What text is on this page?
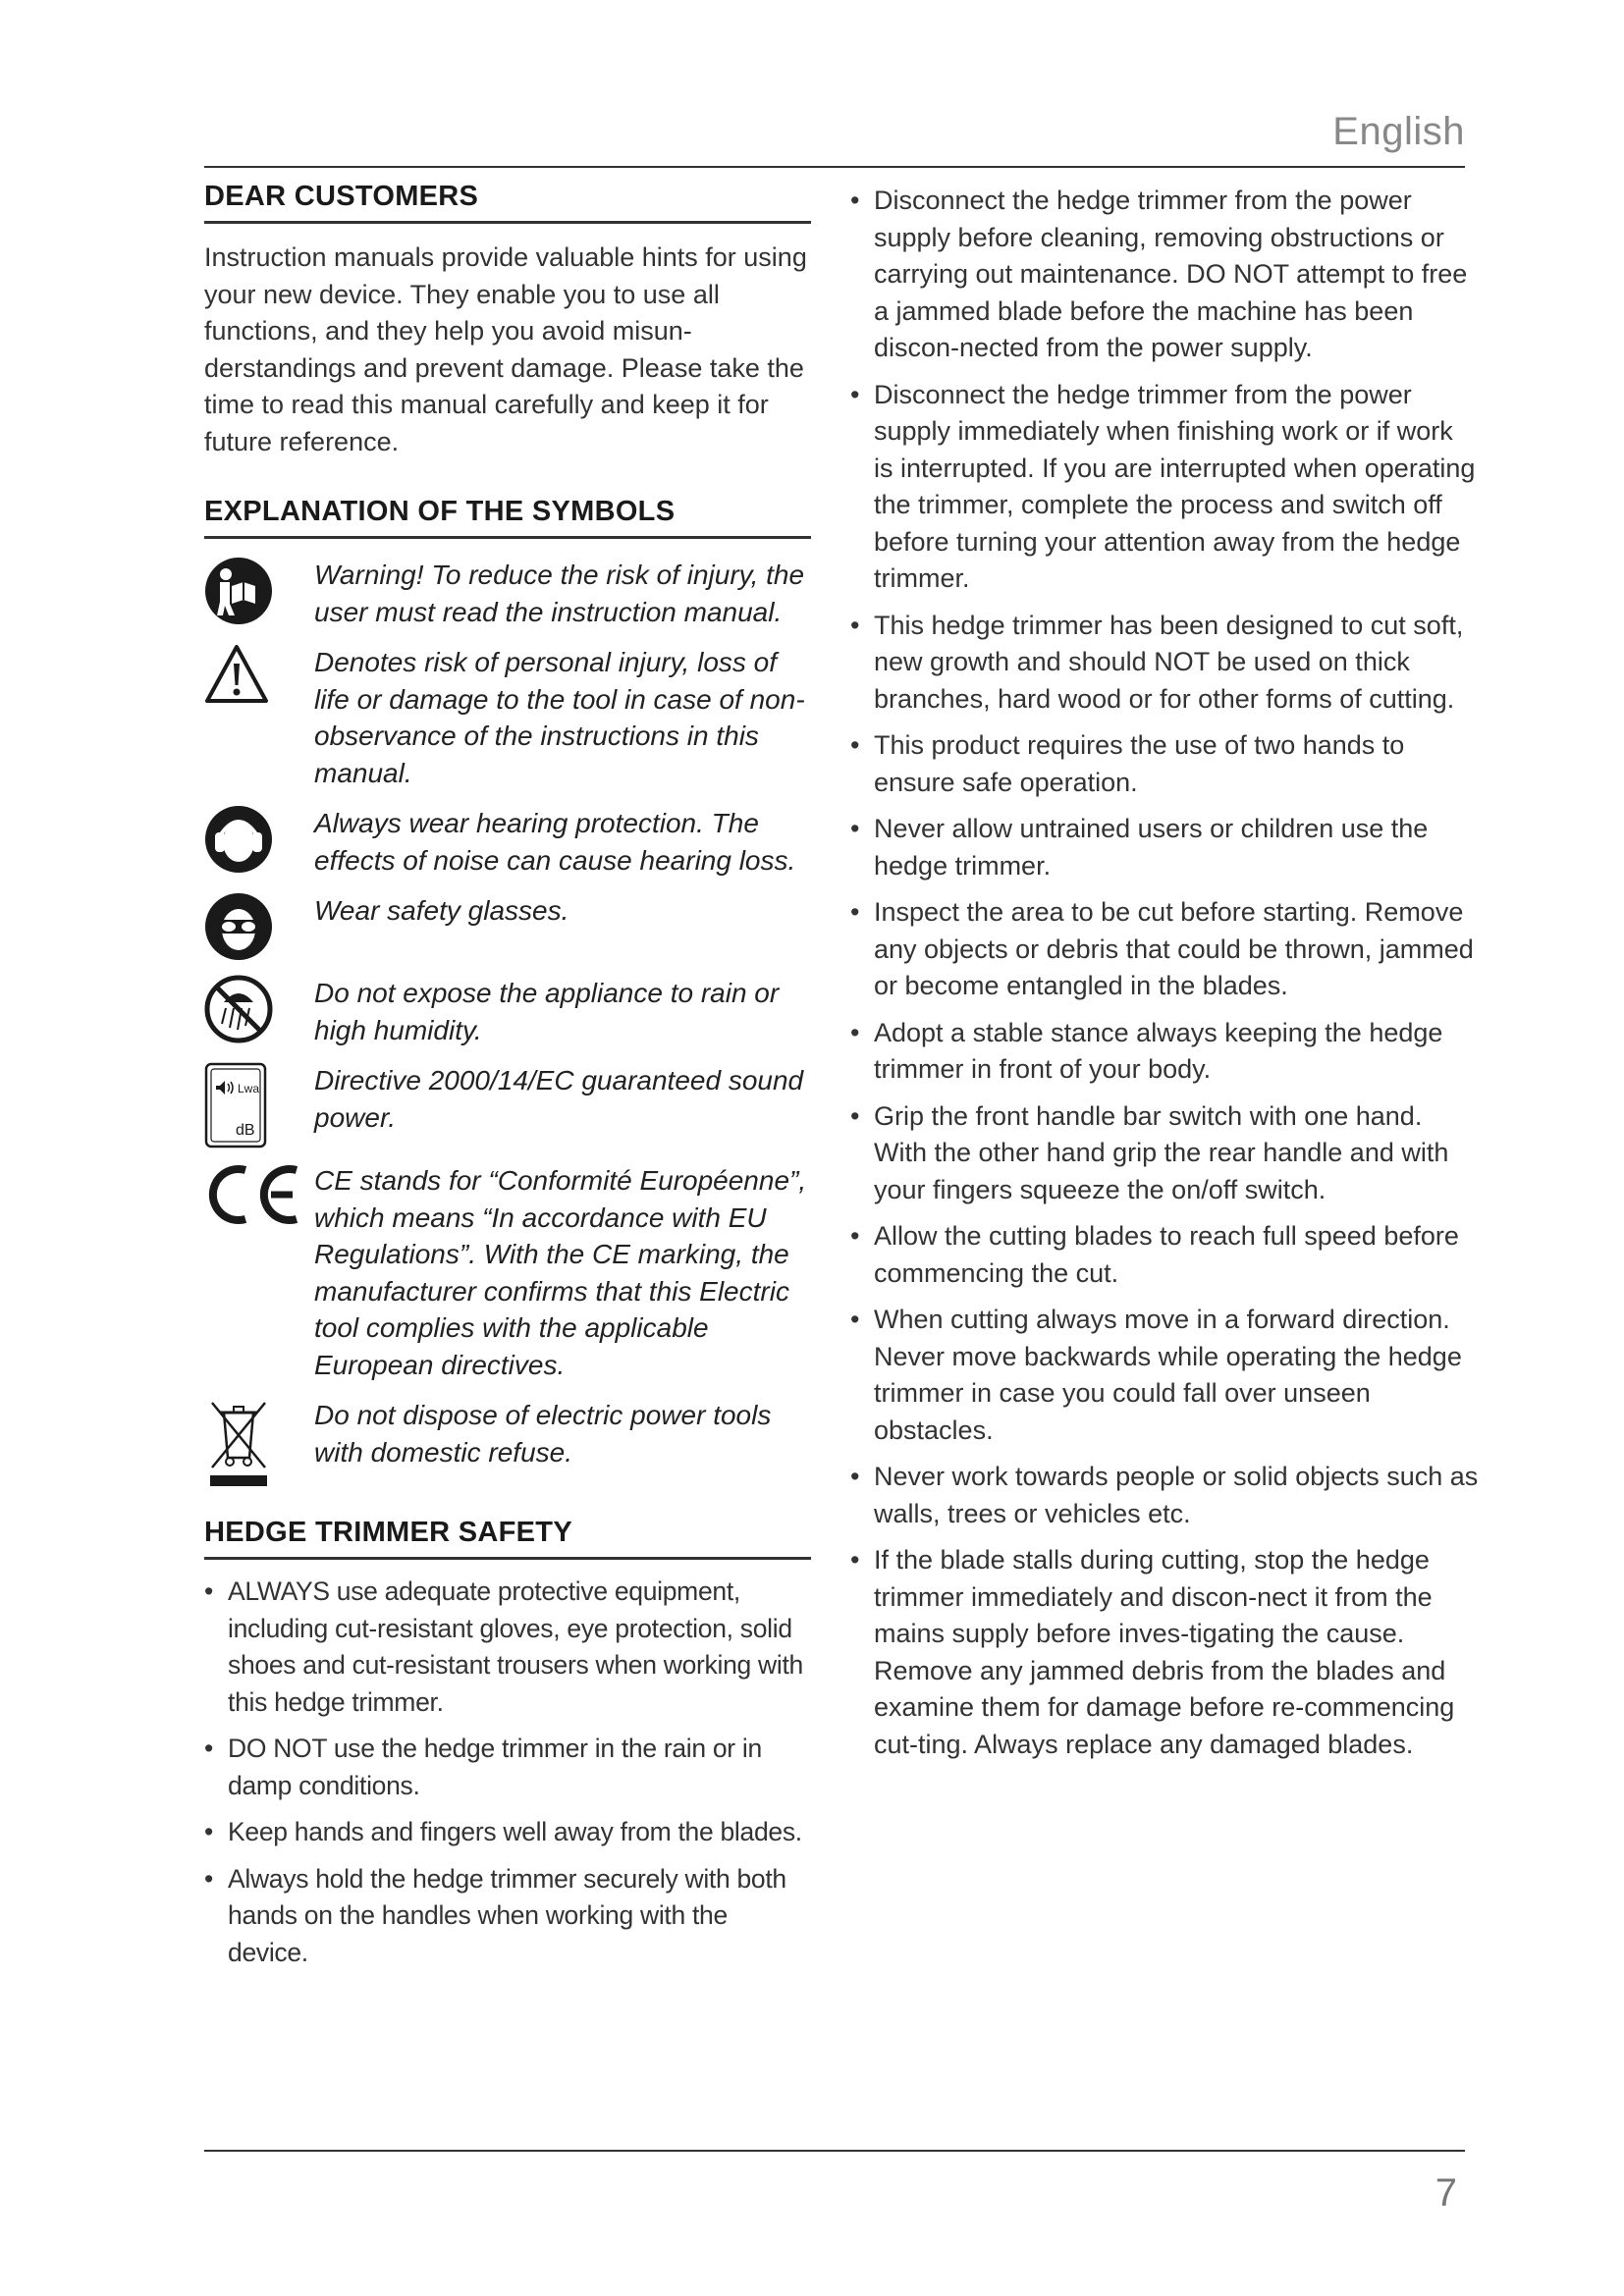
English
DEAR CUSTOMERS

Instruction manuals provide valuable hints for using your new device. They enable you to use all functions, and they help you avoid misun-derstandings and prevent damage. Please take the time to read this manual carefully and keep it for future reference.

EXPLANATION OF THE SYMBOLS
Warning! To reduce the risk of injury, the user must read the instruction manual.
Denotes risk of personal injury, loss of life or damage to the tool in case of non-observance of the instructions in this manual.
Always wear hearing protection. The effects of noise can cause hearing loss.
Wear safety glasses.
Do not expose the appliance to rain or high humidity.
Lwa
dB
Directive 2000/14/EC guaranteed sound power.
CE stands for “Conformité Européenne”, which means “In accordance with EU Regulations”. With the CE marking, the manufacturer confirms that this Electric tool complies with the applicable European directives.
Do not dispose of electric power tools with domestic refuse.
HEDGE TRIMMER SAFETY
• ALWAYS use adequate protective equipment, including cut-resistant gloves, eye protection, solid shoes and cut-resistant trousers when working with this hedge trimmer.
• DO NOT use the hedge trimmer in the rain or in damp conditions.
• Keep hands and fingers well away from the blades.
• Always hold the hedge trimmer securely with both hands on the handles when working with the device.
• Disconnect the hedge trimmer from the power supply before cleaning, removing obstructions or carrying out maintenance. DO NOT attempt to free a jammed blade before the machine has been discon-nected from the power supply.
• Disconnect the hedge trimmer from the power supply immediately when finishing work or if work is interrupted. If you are interrupted when operating the trimmer, complete the process and switch off before turning your attention away from the hedge trimmer.
• This hedge trimmer has been designed to cut soft, new growth and should NOT be used on thick branches, hard wood or for other forms of cutting.
• This product requires the use of two hands to ensure safe operation.
• Never allow untrained users or children use the hedge trimmer.
• Inspect the area to be cut before starting. Remove any objects or debris that could be thrown, jammed or become entangled in the blades.
• Adopt a stable stance always keeping the hedge trimmer in front of your body.
• Grip the front handle bar switch with one hand. With the other hand grip the rear handle and with your fingers squeeze the on/off switch.
• Allow the cutting blades to reach full speed before commencing the cut.
• When cutting always move in a forward direction. Never move backwards while operating the hedge trimmer in case you could fall over unseen obstacles.
• Never work towards people or solid objects such as walls, trees or vehicles etc.
• If the blade stalls during cutting, stop the hedge trimmer immediately and discon-nect it from the mains supply before inves-tigating the cause. Remove any jammed debris from the blades and examine them for damage before re-commencing cut-ting. Always replace any damaged blades.
7
